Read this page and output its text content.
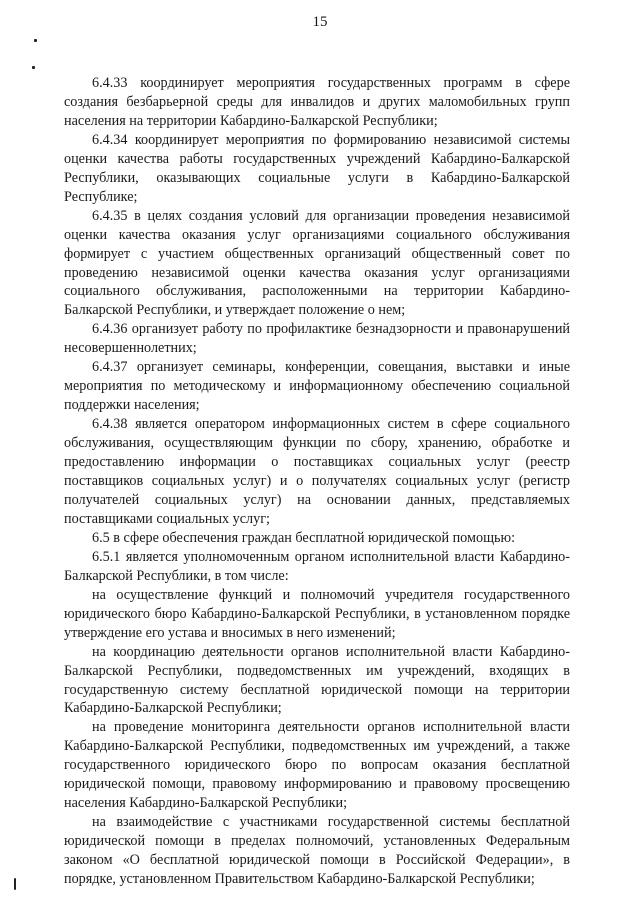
15

6.4.33 координирует мероприятия государственных программ в сфере создания безбарьерной среды для инвалидов и других маломобильных групп населения на территории Кабардино-Балкарской Республики;

6.4.34 координирует мероприятия по формированию независимой системы оценки качества работы государственных учреждений Кабардино-Балкарской Республики, оказывающих социальные услуги в Кабардино-Балкарской Республике;

6.4.35 в целях создания условий для организации проведения независимой оценки качества оказания услуг организациями социального обслуживания формирует с участием общественных организаций общественный совет по проведению независимой оценки качества оказания услуг организациями социального обслуживания, расположенными на территории Кабардино-Балкарской Республики, и утверждает положение о нем;

6.4.36 организует работу по профилактике безнадзорности и правонарушений несовершеннолетних;

6.4.37 организует семинары, конференции, совещания, выставки и иные мероприятия по методическому и информационному обеспечению социальной поддержки населения;

6.4.38 является оператором информационных систем в сфере социального обслуживания, осуществляющим функции по сбору, хранению, обработке и предоставлению информации о поставщиках социальных услуг (реестр поставщиков социальных услуг) и о получателях социальных услуг (регистр получателей социальных услуг) на основании данных, представляемых поставщиками социальных услуг;

6.5 в сфере обеспечения граждан бесплатной юридической помощью:

6.5.1 является уполномоченным органом исполнительной власти Кабардино-Балкарской Республики, в том числе:

на осуществление функций и полномочий учредителя государственного юридического бюро Кабардино-Балкарской Республики, в установленном порядке утверждение его устава и вносимых в него изменений;

на координацию деятельности органов исполнительной власти Кабардино-Балкарской Республики, подведомственных им учреждений, входящих в государственную систему бесплатной юридической помощи на территории Кабардино-Балкарской Республики;

на проведение мониторинга деятельности органов исполнительной власти Кабардино-Балкарской Республики, подведомственных им учреждений, а также государственного юридического бюро по вопросам оказания бесплатной юридической помощи, правовому информированию и правовому просвещению населения Кабардино-Балкарской Республики;

на взаимодействие с участниками государственной системы бесплатной юридической помощи в пределах полномочий, установленных Федеральным законом «О бесплатной юридической помощи в Российской Федерации», в порядке, установленном Правительством Кабардино-Балкарской Республики;
